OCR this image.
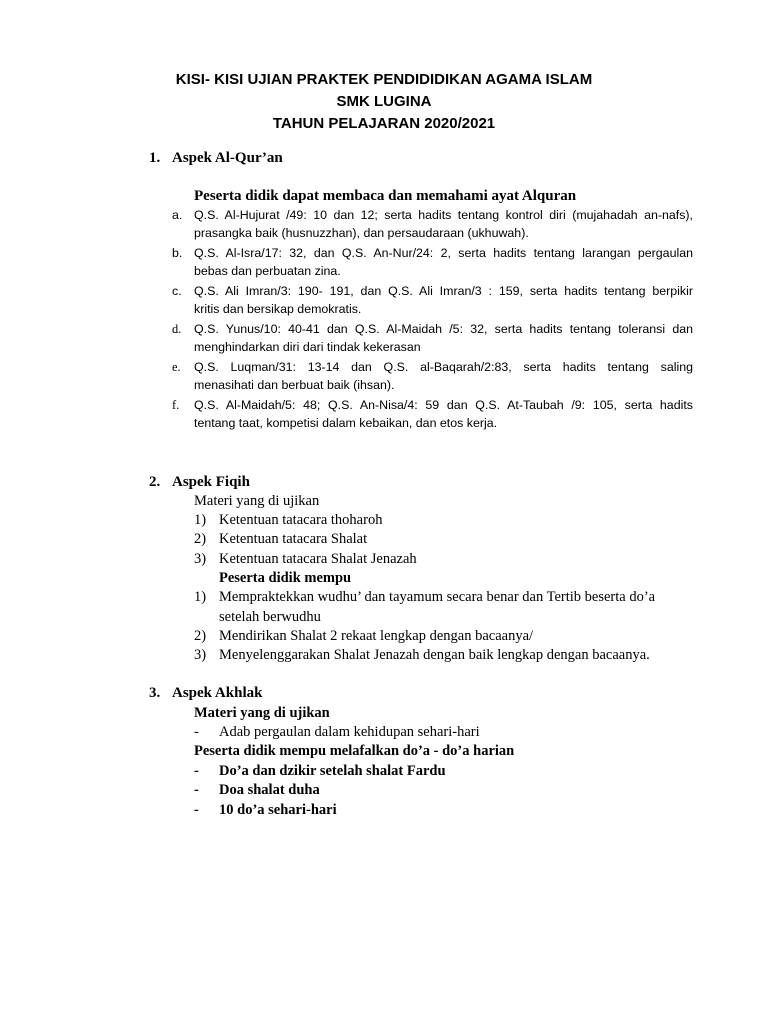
KISI- KISI UJIAN PRAKTEK PENDIDIDIKAN AGAMA ISLAM
SMK LUGINA
TAHUN PELAJARAN 2020/2021
1. Aspek Al-Qur’an
Peserta didik dapat membaca dan memahami ayat Alquran
a. Q.S. Al-Hujurat /49: 10 dan 12; serta hadits tentang kontrol diri (mujahadah an-nafs),
prasangka baik (husnuzzhan), dan persaudaraan (ukhuwah).
b. Q.S. Al-Isra/17: 32, dan Q.S. An-Nur/24: 2, serta hadits tentang larangan pergaulan
bebas dan perbuatan zina.
c. Q.S. Ali Imran/3: 190- 191, dan Q.S. Ali Imran/3 : 159, serta hadits tentang berpikir
kritis dan bersikap demokratis.
d. Q.S. Yunus/10: 40-41 dan Q.S. Al-Maidah /5: 32, serta hadits tentang toleransi dan
menghindarkan diri dari tindak kekerasan
e. Q.S. Luqman/31: 13-14 dan Q.S. al-Baqarah/2:83, serta hadits tentang saling
menasihati dan berbuat baik (ihsan).
f. Q.S. Al-Maidah/5: 48; Q.S. An-Nisa/4: 59 dan Q.S. At-Taubah /9: 105, serta hadits
tentang taat, kompetisi dalam kebaikan, dan etos kerja.
2. Aspek Fiqih
Materi yang di ujikan
1) Ketentuan tatacara thoharoh
2) Ketentuan tatacara Shalat
3) Ketentuan tatacara Shalat Jenazah
Peserta didik mempu
1) Mempraktekkan wudhu’ dan tayamum secara benar dan Tertib beserta do’a
setelah berwudhu
2) Mendirikan Shalat 2 rekaat lengkap dengan bacaanya/
3) Menyelenggarakan Shalat Jenazah dengan baik lengkap dengan bacaanya.
3. Aspek Akhlak
Materi yang di ujikan
- Adab pergaulan dalam kehidupan sehari-hari
Peserta didik mempu melafalkan do’a - do’a harian
- Do’a dan dzikir setelah shalat Fardu
- Doa shalat duha
- 10 do’a sehari-hari
